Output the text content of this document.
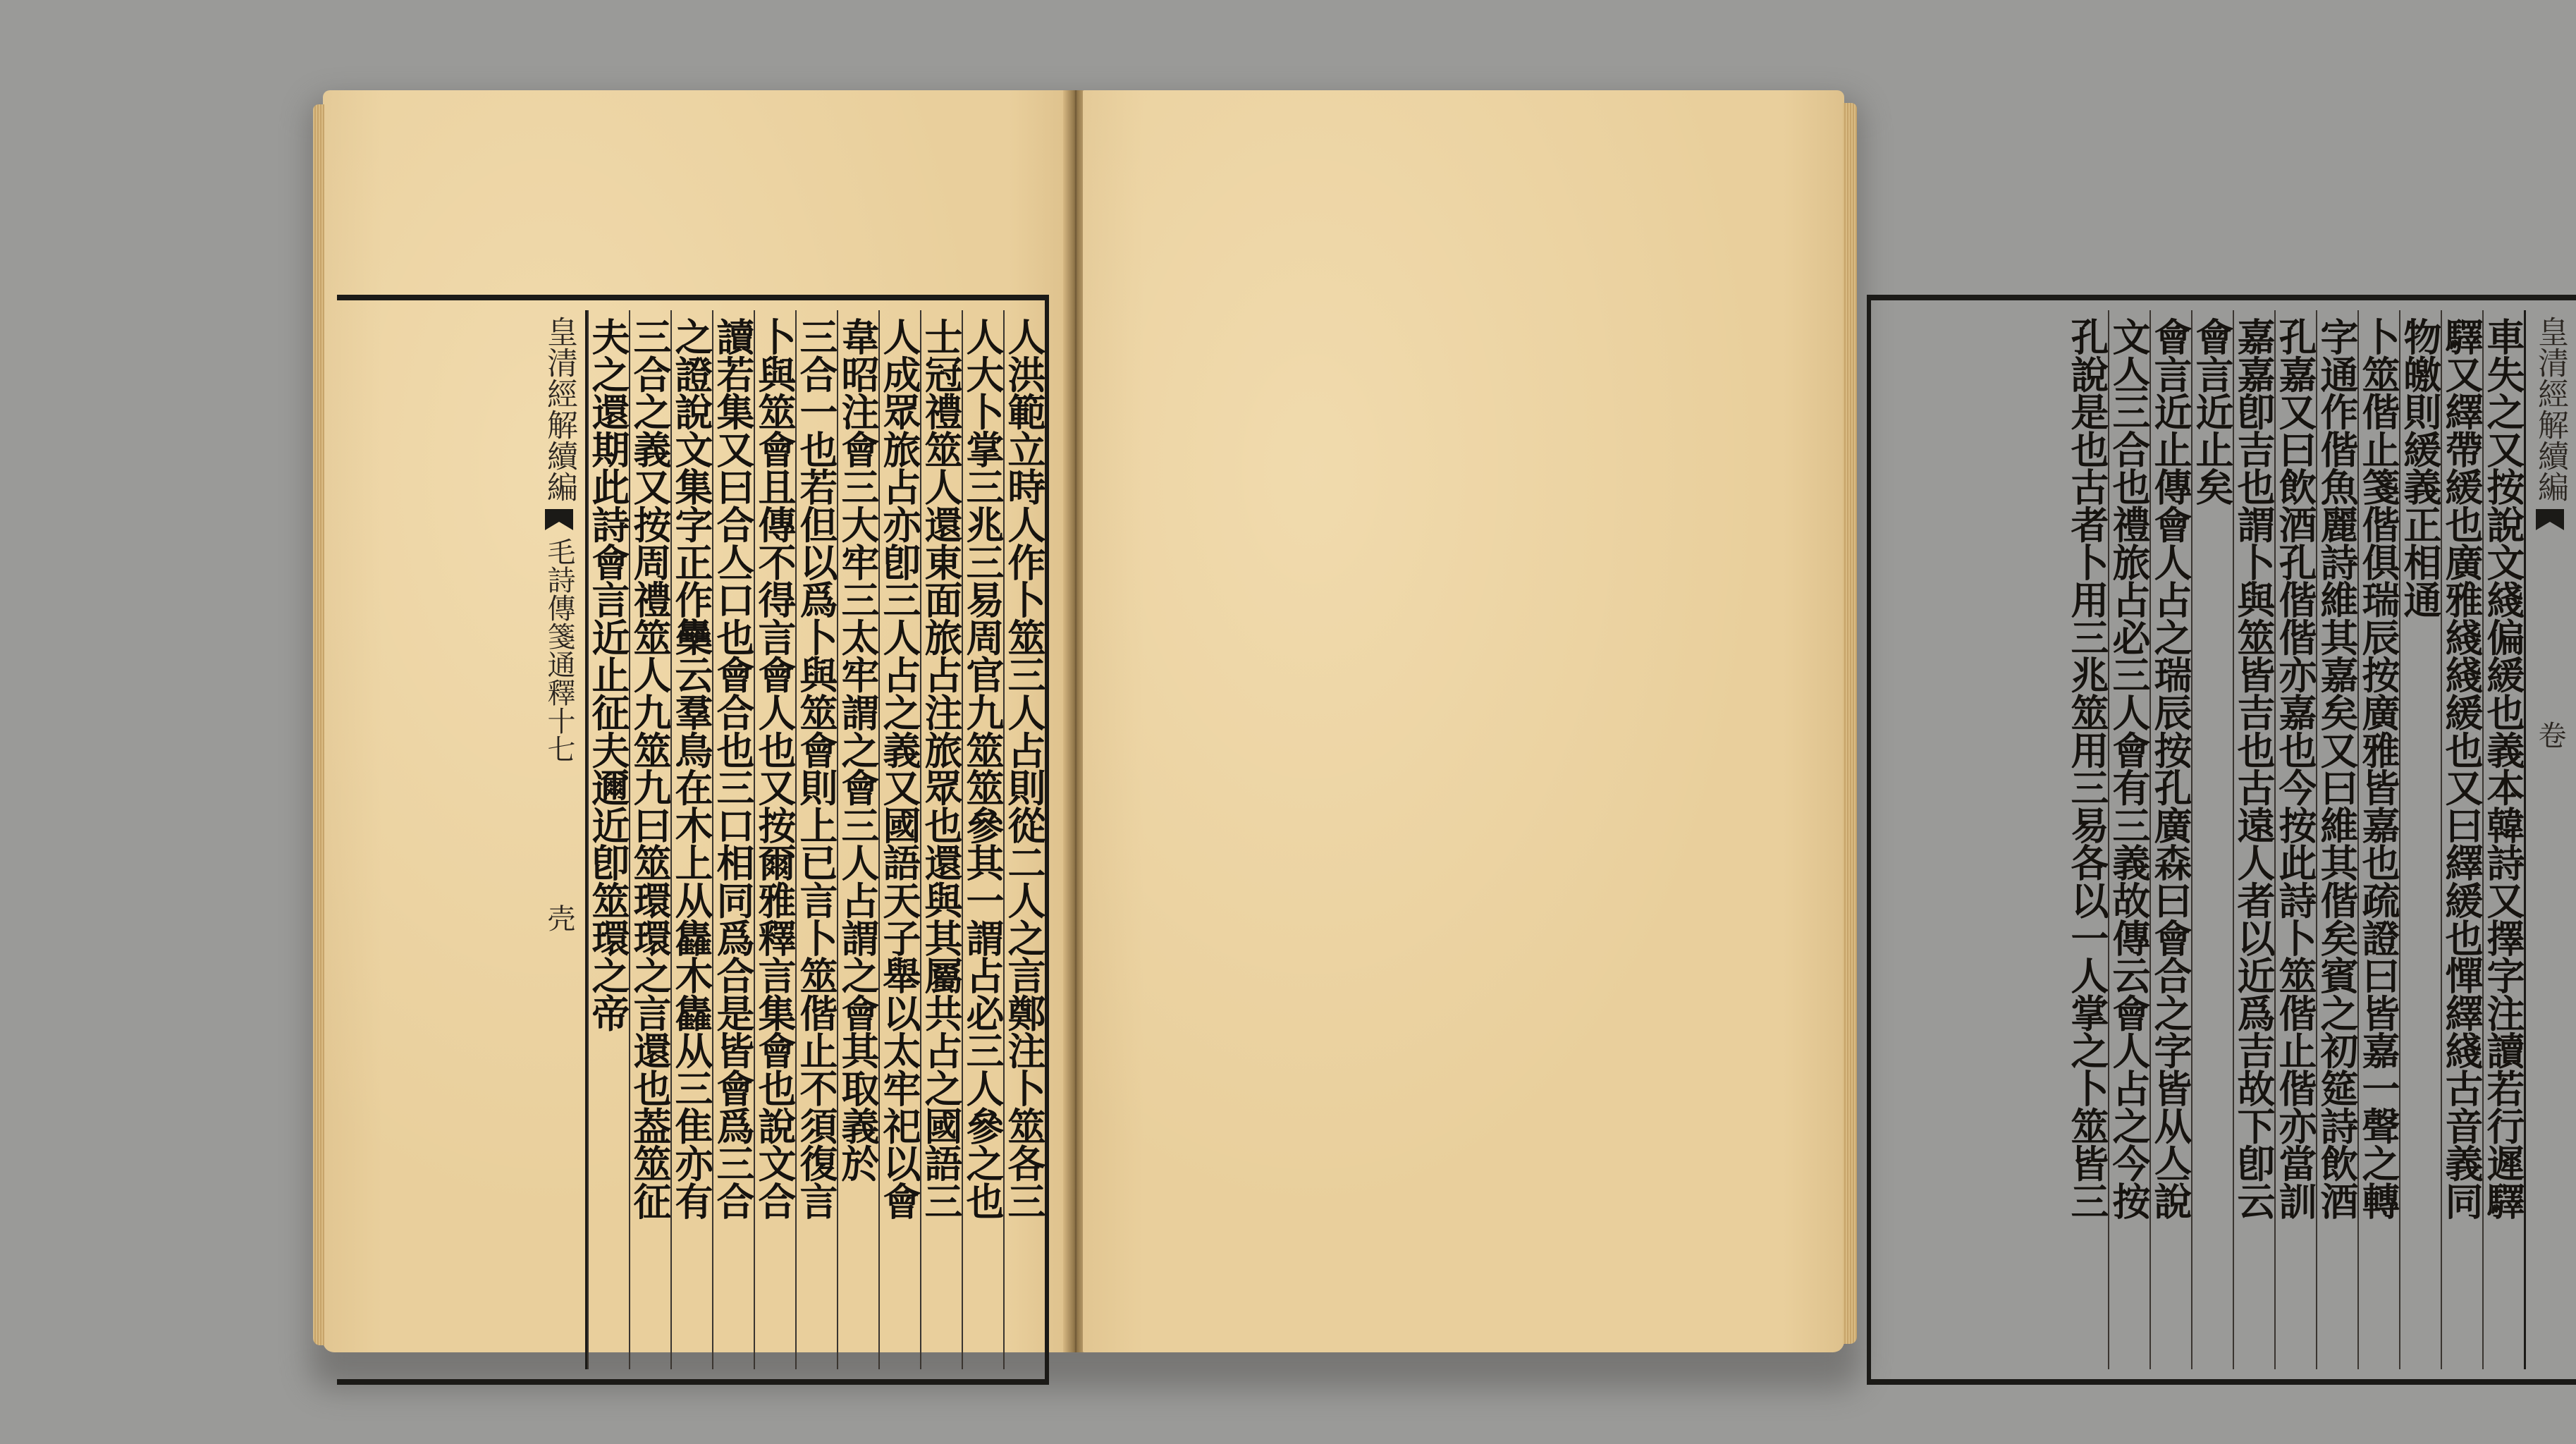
人洪範立時人作卜筮三人占則從二人之言鄭注卜筮各三
人大卜掌三兆三易周官九筮筮參其一謂占必三人參之也
士冠禮筮人還東面旅占注旅眾也還與其屬共占之國語三
人成眾旅占亦卽三人占之義又國語天子舉以太牢祀以會
韋昭注會三大牢三太牢謂之會三人占謂之會其取義於
三合一也若但以爲卜與筮會則上已言卜筮偕止不須復言
卜與筮會且傳不得言會人也又按爾雅釋言集會也說文合
讀若集又曰合亼口也會合也三口相同爲合是皆會爲三合
之證說文集字正作雧云羣鳥在木上从雥木雥从三隹亦有
三合之義又按周禮筮人九筮九曰筮環環之言還也葢筮征
夫之還期此詩會言近止征夫邇近卽筮環之帝
皇清經解續編毛詩傳箋通釋十七壳
皇清經解續編卷
車失之又按說文綫偏緩也義本韓詩又擇字注讀若行遲驛
驛又繹帶緩也廣雅綫綫緩也又曰繹緩也憚繹綫古音義同
物皦則緩義正相通
卜筮偕止箋偕俱瑞辰按廣雅皆嘉也疏證曰皆嘉一聲之轉
字通作偕魚麗詩維其嘉矣又曰維其偕矣賓之初筵詩飲酒
孔嘉又曰飲酒孔偕偕亦嘉也今按此詩卜筮偕止偕亦當訓
嘉嘉卽吉也謂卜與筮皆吉也古遠人者以近爲吉故下卽云
會言近止矣
會言近止傳會人占之瑞辰按孔廣森曰會合之字皆从亼說
文亼三合也禮旅占必三人會有三義故傳云會人占之今按
孔說是也古者卜用三兆筮用三易各以一人掌之卜筮皆三
